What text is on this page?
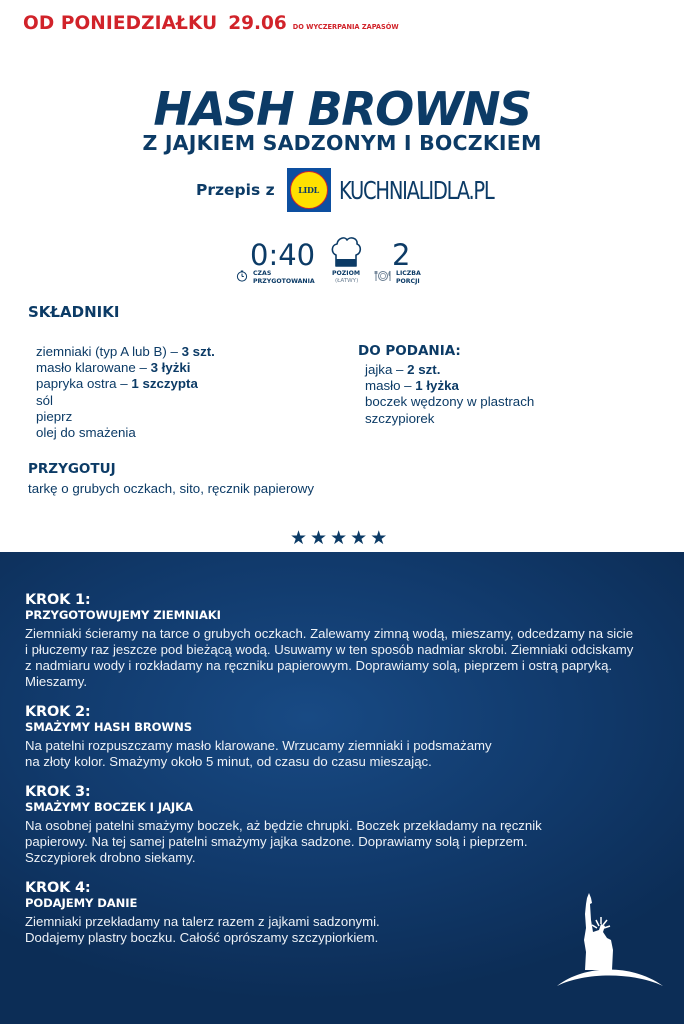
OD PONIEDZIAŁKU 29.06 DO WYCZERPANIA ZAPASÓW
HASH BROWNS
Z JAJKIEM SADZONYM I BOCZKIEM
Przepis z	LIDL KUCHNIALIDLA.PL
0:40
CZAS
PRZYGOTOWANIA
POZIOM
(ŁATWY)
2
LICZBA
PORCJI
SKŁADNIKI
ziemniaki (typ A lub B) – 3 szt.
masło klarowane – 3 łyżki
papryka ostra – 1 szczypta
sól
pieprz
olej do smażenia
DO PODANIA:
jajka – 2 szt.
masło – 1 łyżka
boczek wędzony w plastrach
szczypiorek
PRZYGOTUJ
tarkę o grubych oczkach, sito, ręcznik papierowy
★ ★ ★ ★ ★
KROK 1:
PRZYGOTOWUJEMY ZIEMNIAKI
Ziemniaki ścieramy na tarce o grubych oczkach. Zalewamy zimną wodą, mieszamy, odcedzamy na sicie
i płuczemy raz jeszcze pod bieżącą wodą. Usuwamy w ten sposób nadmiar skrobi. Ziemniaki odciskamy
z nadmiaru wody i rozkładamy na ręczniku papierowym. Doprawiamy solą, pieprzem i ostrą papryką.
Mieszamy.
KROK 2:
SMAŻYMY HASH BROWNS
Na patelni rozpuszczamy masło klarowane. Wrzucamy ziemniaki i podsmażamy
na złoty kolor. Smażymy około 5 minut, od czasu do czasu mieszając.
KROK 3:
SMAŻYMY BOCZEK I JAJKA
Na osobnej patelni smażymy boczek, aż będzie chrupki. Boczek przekładamy na ręcznik
papierowy. Na tej samej patelni smażymy jajka sadzone. Doprawiamy solą i pieprzem.
Szczypiorek drobno siekamy.
KROK 4:
PODAJEMY DANIE
Ziemniaki przekładamy na talerz razem z jajkami sadzonymi.
Dodajemy plastry boczku. Całość oprószamy szczypiorkiem.
